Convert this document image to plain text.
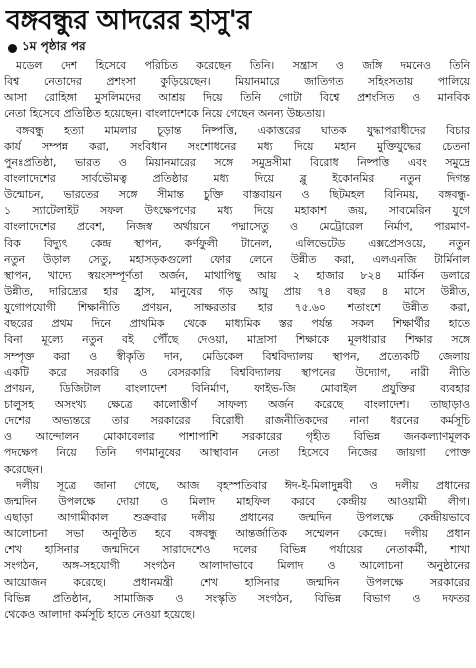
বঙ্গবন্ধুর আদরের হাসু'র
১ম পৃষ্ঠার পর
মডেল দেশ হিসেবে পরিচিত করেছেন তিনি। সন্ত্রাস ও জঙ্গি দমনেও তিনি
বিশ্ব নেতাদের প্রশংসা কুড়িয়েছেন। মিয়ানমারে জাতিগত সহিংসতায় পালিয়ে
আসা রোহিঙ্গা মুসলিমদের আশ্রয় দিয়ে তিনি গোটা বিশ্বে প্রশংসিত ও মানবিক
নেতা হিসেবে প্রতিষ্ঠিত হয়েছেন। বাংলাদেশকে নিয়ে গেছেন অনন্য উচ্চতায়।
বঙ্গবন্ধু হত্যা মামলার চূড়ান্ত নিষ্পত্তি, একাত্তরের ঘাতক যুদ্ধাপরাধীদের বিচার
কার্য সম্পন্ন করা, সংবিধান সংশোধনের মধ্য দিয়ে মহান মুক্তিযুদ্ধের চেতনা
পুনঃপ্রতিষ্ঠা, ভারত ও মিয়ানমারের সঙ্গে সমুদ্রসীমা বিরোধ নিষ্পত্তি এবং সমুদ্রে
বাংলাদেশের সার্বভৌমত্ব প্রতিষ্ঠার মধ্য দিয়ে ব্লু ইকোনমির নতুন দিগন্ত
উন্মোচন, ভারতের সঙ্গে সীমান্ত চুক্তি বাস্তবায়ন ও ছিটমহল বিনিময়, বঙ্গবন্ধু-
১ স্যাটেলাইট সফল উৎক্ষেপণের মধ্য দিয়ে মহাকাশ জয়, সাবমেরিন যুগে
বাংলাদেশের প্রবেশ, নিজস্ব অর্থায়নে পদ্মাসেতু ও মেট্রোরেল নির্মাণ, পারমাণ-
বিক বিদ্যুৎ কেন্দ্র স্থাপন, কর্ণফুলী টানেল, এলিভেটেড এক্সপ্রেসওয়ে, নতুন
নতুন উড়াল সেতু, মহাসড়কগুলো ফোর লেনে উন্নীত করা, এলএনজি টার্মিনাল
স্থাপন, খাদ্যে স্বয়ংসম্পূর্ণতা অর্জন, মাথাপিছু আয় ২ হাজার ৮২৪ মার্কিন ডলারে
উন্নীত, দারিদ্র্যের হার হ্রাস, মানুষের গড় আয়ু প্রায় ৭৪ বছর ৪ মাসে উন্নীত,
যুগোপযোগী শিক্ষানীতি প্রণয়ন, সাক্ষরতার হার ৭৫.৬০ শতাংশে উন্নীত করা,
বছরের প্রথম দিনে প্রাথমিক থেকে মাধ্যমিক স্তর পর্যন্ত সকল শিক্ষার্থীর হাতে
বিনা মূল্যে নতুন বই পৌঁছে দেওয়া, মাদ্রাসা শিক্ষাকে মূলধারার শিক্ষার সঙ্গে
সম্পৃক্ত করা ও স্বীকৃতি দান, মেডিকেল বিশ্ববিদ্যালয় স্থাপন, প্রত্যেকটি জেলায়
একটি করে সরকারি ও বেসরকারি বিশ্ববিদ্যালয় স্থাপনের উদ্যোগ, নারী নীতি
প্রণয়ন, ডিজিটাল বাংলাদেশ বিনির্মাণ, ফাইভ-জি মোবাইল প্রযুক্তির ব্যবহার
চালুসহ অসংখ্য ক্ষেত্রে কালোত্তীর্ণ সাফল্য অর্জন করেছে বাংলাদেশ। তাছাড়াও
দেশের অভ্যন্তরে তার সরকারের বিরোধী রাজনীতিকদের নানা ধরনের কর্মসূচি
ও আন্দোলন মোকাবেলার পাশাপাশি সরকারের গৃহীত বিভিন্ন জনকল্যাণমূলক
পদক্ষেপ নিয়ে তিনি গণমানুষের আস্থাবান নেতা হিসেবে নিজের জায়গা পোক্ত
করেছেন।
দলীয় সূত্রে জানা গেছে, আজ বৃহস্পতিবার ঈদ-ই-মিলাদুন্নবী ও দলীয় প্রধানের
জন্মদিন উপলক্ষে দোয়া ও মিলাদ মাহফিল করবে কেন্দ্রীয় আওয়ামী লীগ।
এছাড়া আগামীকাল শুক্রবার দলীয় প্রধানের জন্মদিন উপলক্ষে কেন্দ্রীয়ভাবে
আলোচনা সভা অনুষ্ঠিত হবে বঙ্গবন্ধু আন্তর্জাতিক সম্মেলন কেন্দ্রে। দলীয় প্রধান
শেখ হাসিনার জন্মদিনে সারাদেশেও দলের বিভিন্ন পর্যায়ের নেতাকর্মী, শাখা
সংগঠন, অঙ্গ-সহযোগী সংগঠন আলাদাভাবে মিলাদ ও আলোচনা অনুষ্ঠানের
আয়োজন করেছে। প্রধানমন্ত্রী শেখ হাসিনার জন্মদিন উপলক্ষে সরকারের
বিভিন্ন প্রতিষ্ঠান, সামাজিক ও সংস্কৃতি সংগঠন, বিভিন্ন বিভাগ ও দফতর
থেকেও আলাদা কর্মসূচি হাতে নেওয়া হয়েছে।
